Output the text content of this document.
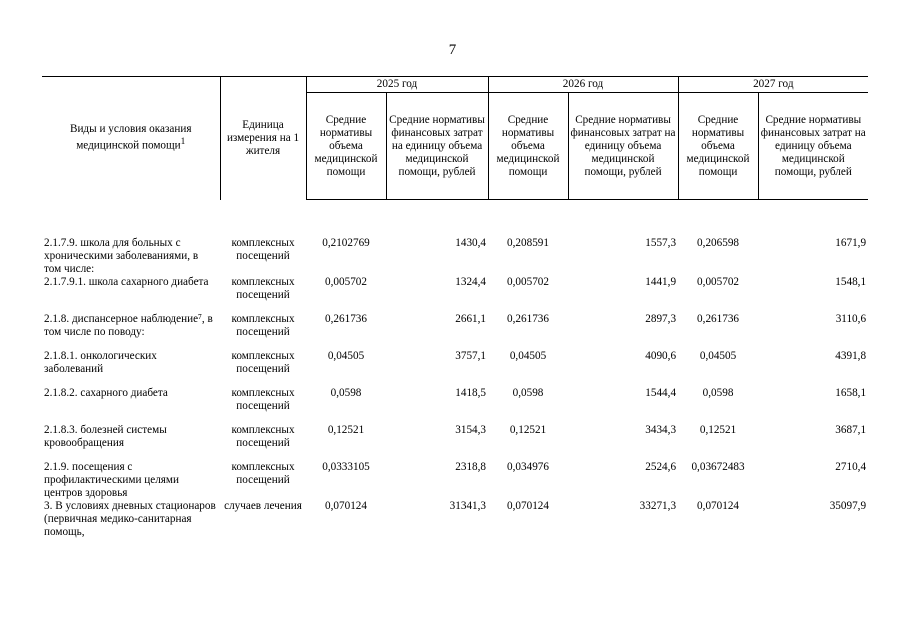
7
Виды и условия оказания медицинской помощи$^1$	Единица измерения на 1 жителя	2025 год		2026 год		2027 год	
		Средние нормативы объема медицинской помощи	Средние нормативы финансовых затрат на единицу объема медицинской помощи, рублей	Средние нормативы объема медицинской помощи	Средние нормативы финансовых затрат на единицу объема медицинской помощи, рублей	Средние нормативы объема медицинской помощи	Средние нормативы финансовых затрат на единицу объема медицинской помощи, рублей

2.1.7.9. школа для больных с хроническими заболеваниями, в том числе:	комплексных посещений	0,2102769	1430,4	0,208591	1557,3	0,206598	1671,9
2.1.7.9.1. школа сахарного диабета	комплексных посещений	0,005702	1324,4	0,005702	1441,9	0,005702	1548,1
2.1.8. диспансерное наблюдение⁷, в том числе по поводу:	комплексных посещений	0,261736	2661,1	0,261736	2897,3	0,261736	3110,6
2.1.8.1. онкологических заболеваний	комплексных посещений	0,04505	3757,1	0,04505	4090,6	0,04505	4391,8
2.1.8.2. сахарного диабета	комплексных посещений	0,0598	1418,5	0,0598	1544,4	0,0598	1658,1
2.1.8.3. болезней системы кровообращения	комплексных посещений	0,12521	3154,3	0,12521	3434,3	0,12521	3687,1
2.1.9. посещения с профилактическими целями центров здоровья	комплексных посещений	0,0333105	2318,8	0,034976	2524,6	0,03672483	2710,4
3. В условиях дневных стационаров (первичная медико-санитарная помощь,	случаев лечения	0,070124	31341,3	0,070124	33271,3	0,070124	35097,9
